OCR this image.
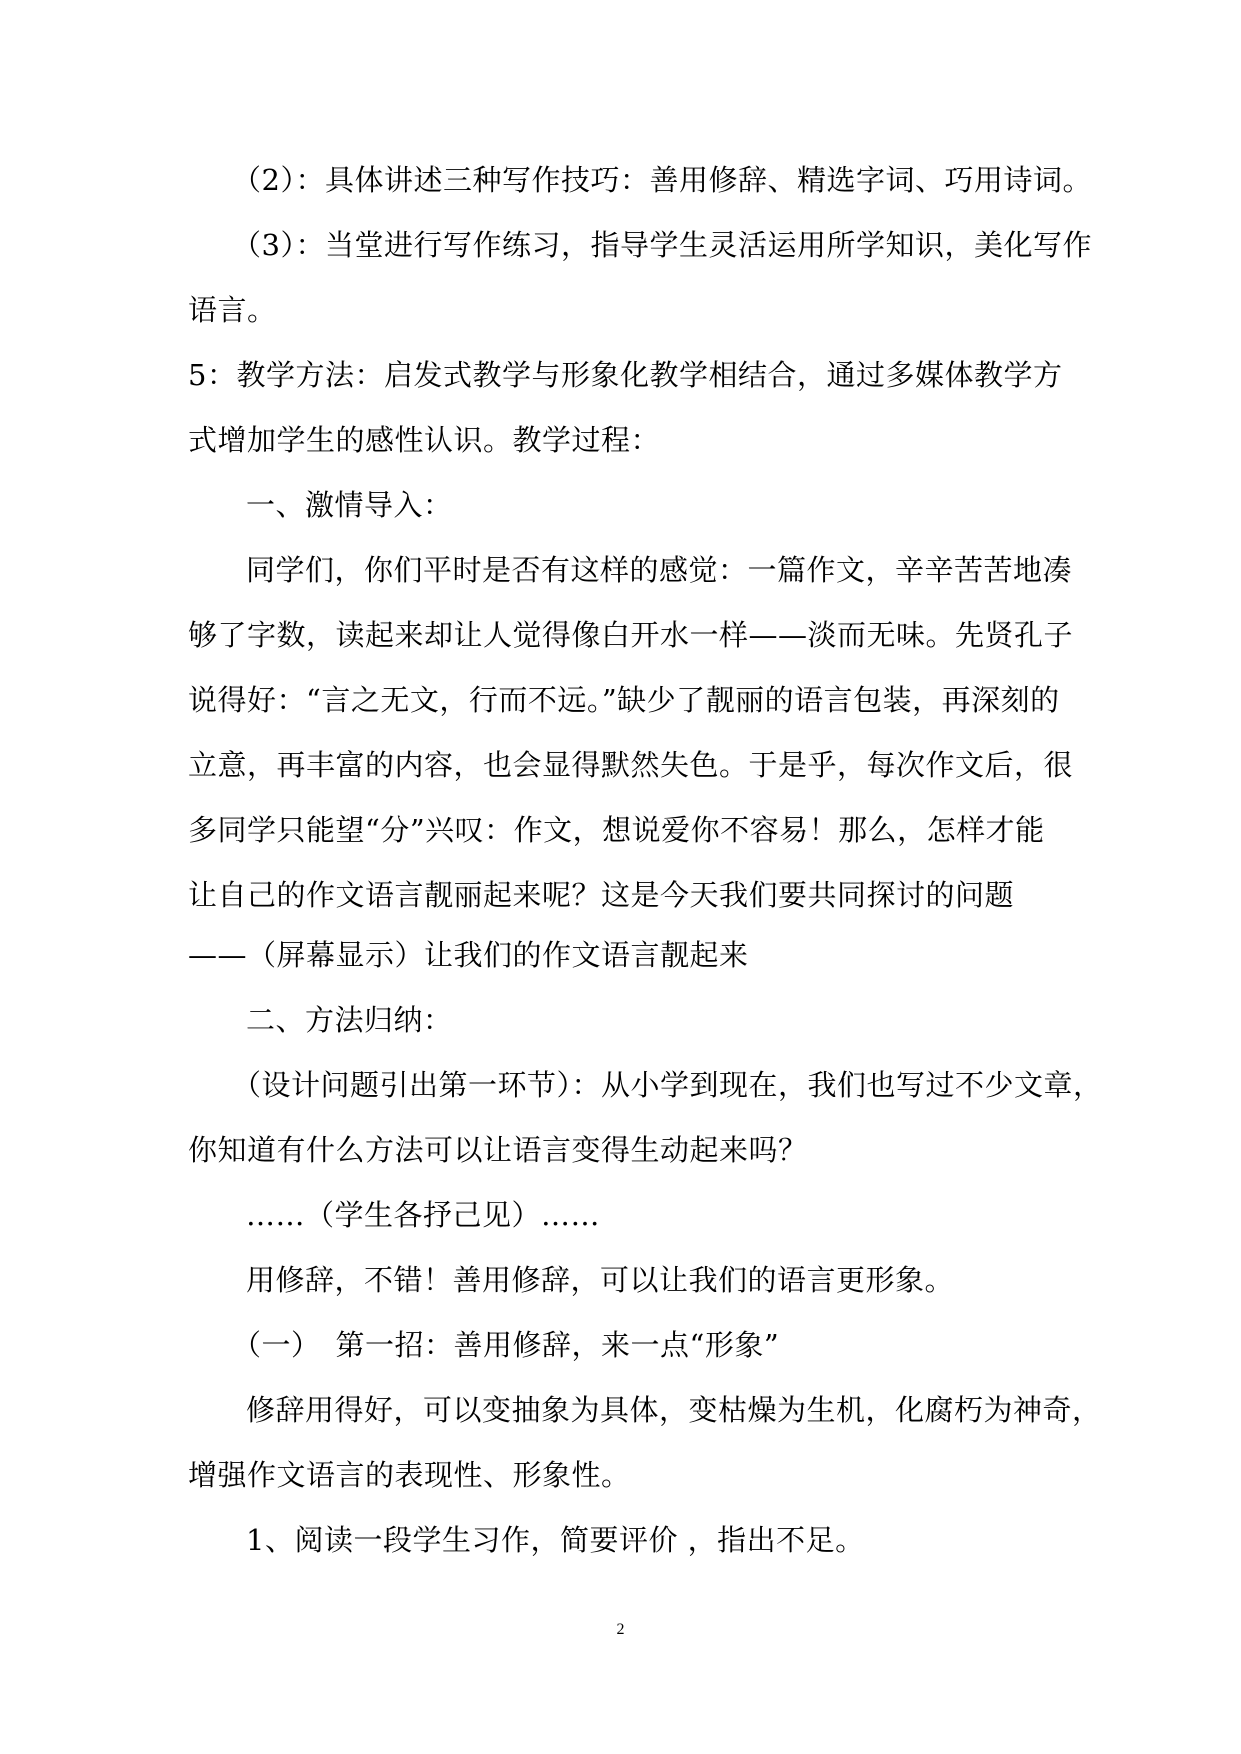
（2）：具体讲述三种写作技巧：善用修辞、精选字词、巧用诗词。
（3）：当堂进行写作练习，指导学生灵活运用所学知识，美化写作
语言。
5：教学方法：启发式教学与形象化教学相结合，通过多媒体教学方
式增加学生的感性认识。教学过程：
一、激情导入：
同学们，你们平时是否有这样的感觉：一篇作文，辛辛苦苦地凑
够了字数，读起来却让人觉得像白开水一样——淡而无味。先贤孔子
说得好：“言之无文，行而不远。”缺少了靓丽的语言包装，再深刻的
立意，再丰富的内容，也会显得默然失色。于是乎，每次作文后，很
多同学只能望“分”兴叹：作文，想说爱你不容易！那么，怎样才能
让自己的作文语言靓丽起来呢？这是今天我们要共同探讨的问题
——（屏幕显示）让我们的作文语言靓起来
二、方法归纳：
（设计问题引出第一环节）：从小学到现在，我们也写过不少文章，
你知道有什么方法可以让语言变得生动起来吗？
……（学生各抒己见）……
用修辞，不错！善用修辞，可以让我们的语言更形象。
（一）　第一招：善用修辞，来一点“形象”
修辞用得好，可以变抽象为具体，变枯燥为生机，化腐朽为神奇，
增强作文语言的表现性、形象性。
1、阅读一段学生习作，简要评价 ，指出不足。
2
